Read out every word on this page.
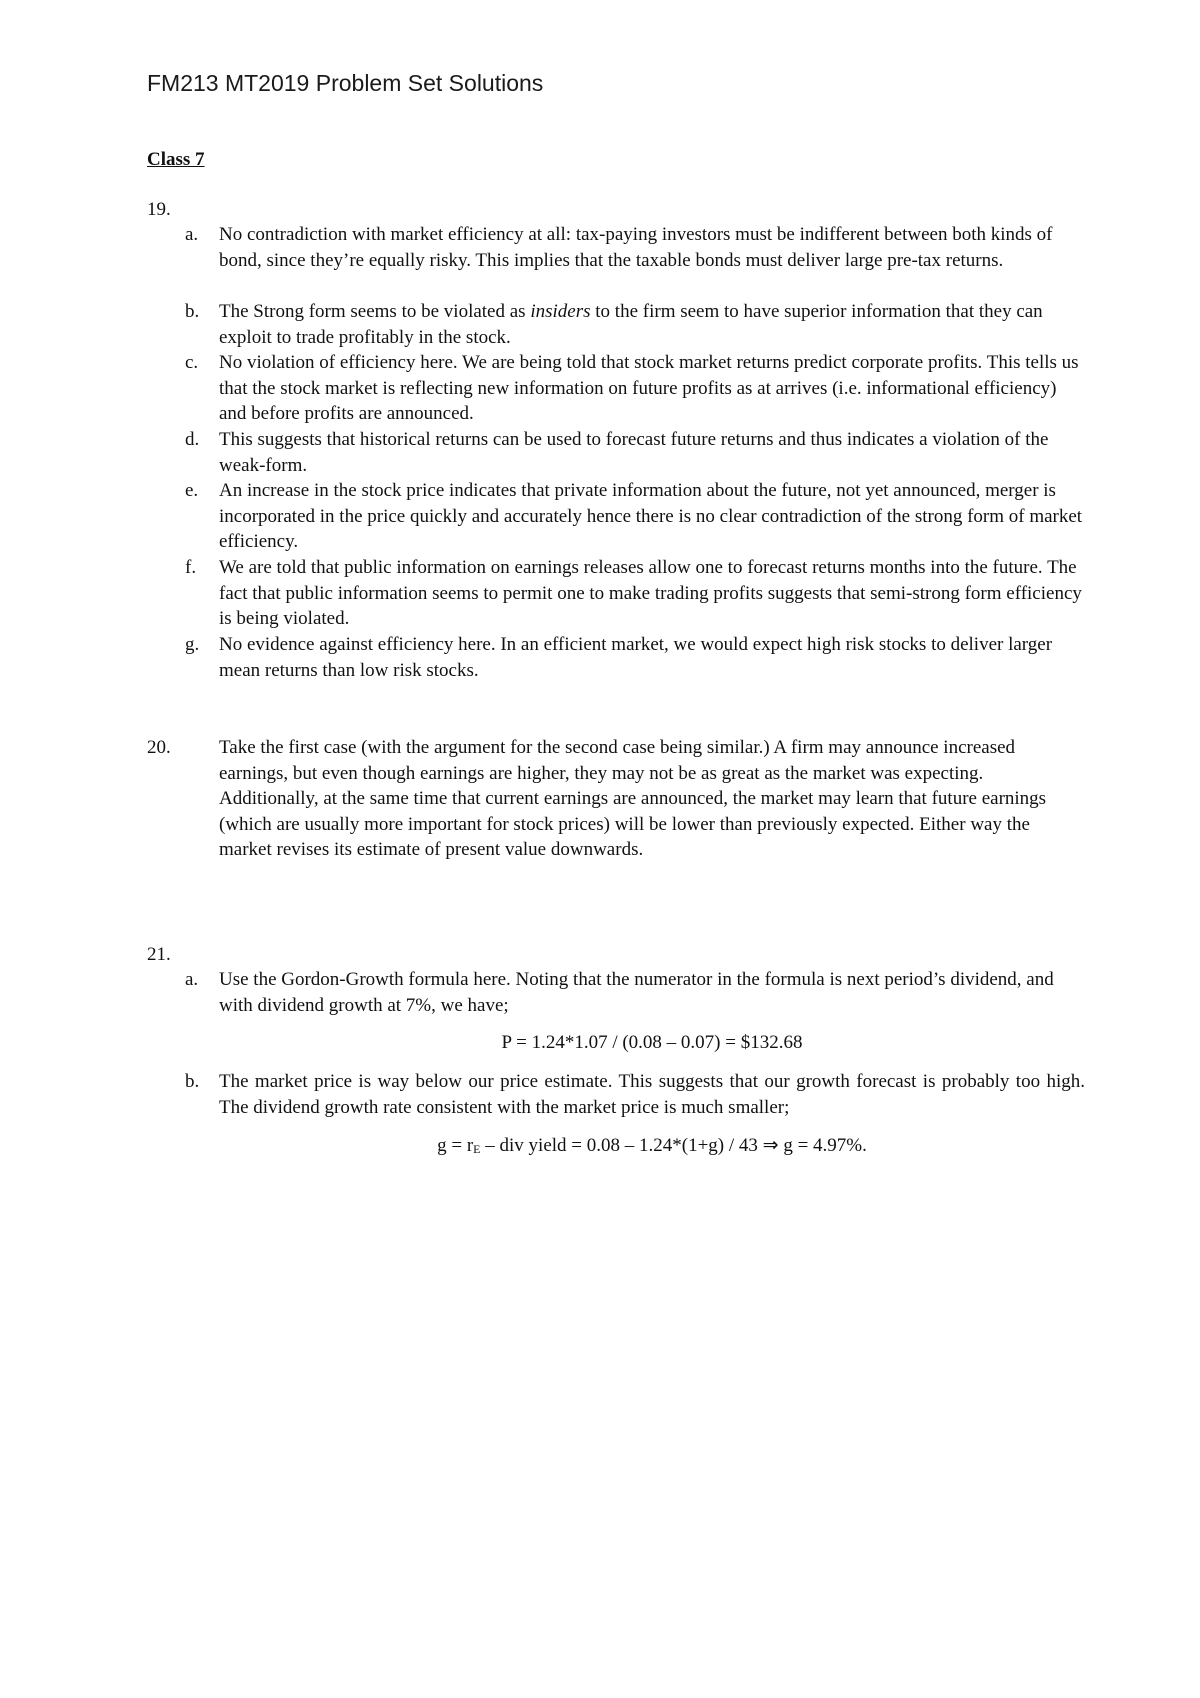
FM213 MT2019 Problem Set Solutions
Class 7
19.
a.	No contradiction with market efficiency at all: tax-paying investors must be indifferent between both kinds of bond, since they’re equally risky. This implies that the taxable bonds must deliver large pre-tax returns.
b.	The Strong form seems to be violated as insiders to the firm seem to have superior information that they can exploit to trade profitably in the stock.
c.	No violation of efficiency here. We are being told that stock market returns predict corporate profits. This tells us that the stock market is reflecting new information on future profits as at arrives (i.e. informational efficiency) and before profits are announced.
d.	This suggests that historical returns can be used to forecast future returns and thus indicates a violation of the weak-form.
e.	An increase in the stock price indicates that private information about the future, not yet announced, merger is incorporated in the price quickly and accurately hence there is no clear contradiction of the strong form of market efficiency.
f.	We are told that public information on earnings releases allow one to forecast returns months into the future. The fact that public information seems to permit one to make trading profits suggests that semi-strong form efficiency is being violated.
g.	No evidence against efficiency here. In an efficient market, we would expect high risk stocks to deliver larger mean returns than low risk stocks.
20.	Take the first case (with the argument for the second case being similar.) A firm may announce increased earnings, but even though earnings are higher, they may not be as great as the market was expecting. Additionally, at the same time that current earnings are announced, the market may learn that future earnings (which are usually more important for stock prices) will be lower than previously expected. Either way the market revises its estimate of present value downwards.
21.
a.	Use the Gordon-Growth formula here. Noting that the numerator in the formula is next period’s dividend, and with dividend growth at 7%, we have;
P = 1.24*1.07 / (0.08 – 0.07) = $132.68
b.	The market price is way below our price estimate. This suggests that our growth forecast is probably too high. The dividend growth rate consistent with the market price is much smaller;
$g = r_E$ – div yield = 0.08 – 1.24*(1+g) / 43 ⇒ g = 4.97%.
